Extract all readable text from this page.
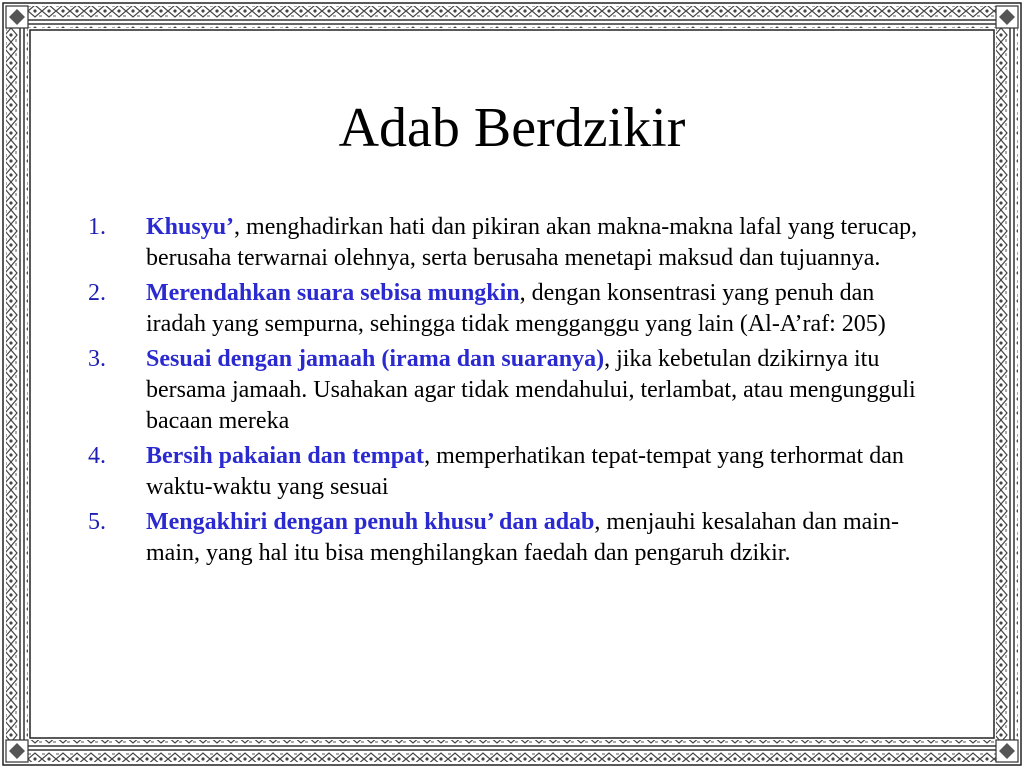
Adab Berdzikir
1.	Khusyu’, menghadirkan hati dan pikiran akan makna-makna lafal yang terucap, berusaha terwarnai olehnya, serta berusaha menetapi maksud dan tujuannya.
2.	Merendahkan suara sebisa mungkin, dengan konsentrasi yang penuh dan iradah yang sempurna, sehingga tidak mengganggu yang lain (Al-A’raf: 205)
3.	Sesuai dengan jamaah (irama dan suaranya), jika kebetulan dzikirnya itu bersama jamaah. Usahakan agar tidak mendahului, terlambat, atau mengungguli bacaan mereka
4.	Bersih pakaian dan tempat, memperhatikan tepat-tempat yang terhormat dan waktu-waktu yang sesuai
5.	Mengakhiri dengan penuh khusu’ dan adab, menjauhi kesalahan dan main-main, yang hal itu bisa menghilangkan faedah dan pengaruh dzikir.
